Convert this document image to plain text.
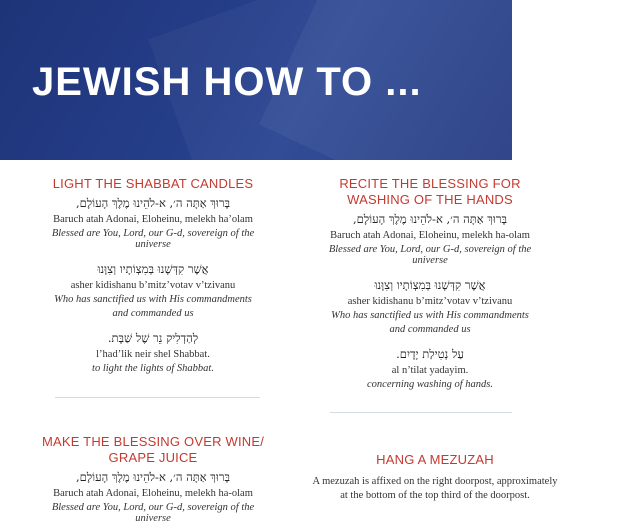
JEWISH HOW TO ...
LIGHT THE SHABBAT CANDLES
בָּרוּךְ אַתָּה ה׳, א-לֹהֵינוּ מֶלֶךְ הָעוֹלָם,
Baruch atah Adonai, Eloheinu, melekh ha’olam
Blessed are You, Lord, our G-d, sovereign of the universe
אֲשֶׁר קִדְּשָׁנוּ בְּמִצְוֹתָיו וְצִוָּנוּ
asher kidishanu b’mitz’votav v’tzivanu
Who has sanctified us with His commandments
and commanded us
לְהַדְלִיק נֵר שֶׁל שַׁבָּת.
l’had’lik neir shel Shabbat.
to light the lights of Shabbat.
RECITE THE BLESSING FOR
WASHING OF THE HANDS
בָּרוּךְ אַתָּה ה׳, א-לֹהֵינוּ מֶלֶךְ הָעוֹלָם,
Baruch atah Adonai, Eloheinu, melekh ha-olam
Blessed are You, Lord, our G-d, sovereign of the universe
אֲשֶׁר קִדְּשָׁנוּ בְּמִצְוֹתָיו וְצִוָּנוּ
asher kidishanu b’mitz’votav v’tzivanu
Who has sanctified us with His commandments
and commanded us
עַל נְטִילַת יָדָיִם.
al n’tilat yadayim.
concerning washing of hands.
MAKE THE BLESSING OVER WINE/
GRAPE JUICE
בָּרוּךְ אַתָּה ה׳, א-לֹהֵינוּ מֶלֶךְ הָעוֹלָם,
Baruch atah Adonai, Eloheinu, melekh ha-olam
Blessed are You, Lord, our G-d, sovereign of the universe
HANG A MEZUZAH
A mezuzah is affixed on the right doorpost, approximately
at the bottom of the top third of the doorpost.
